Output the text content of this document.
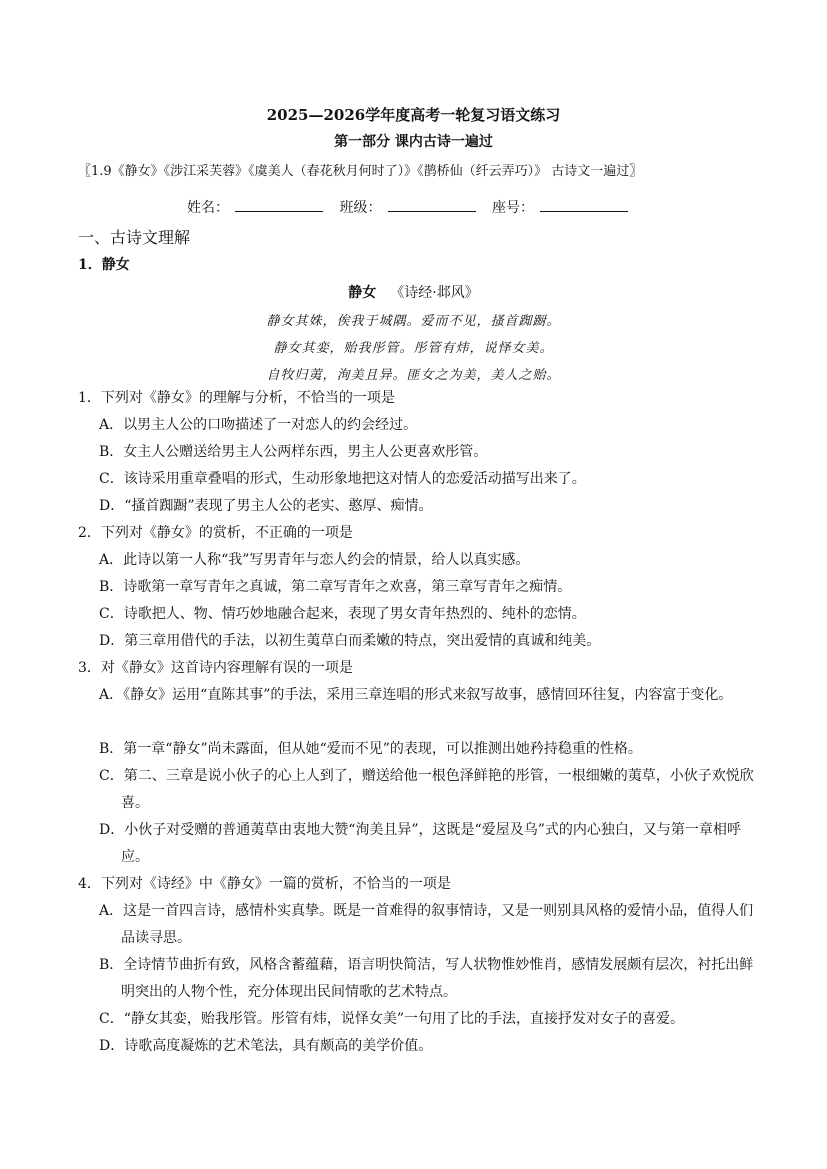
2025—2026学年度高考一轮复习语文练习
第一部分 课内古诗一遍过
〖1.9《静女》《涉江采芙蓉》《虞美人（春花秋月何时了）》《鹊桥仙（纤云弄巧）》 古诗文一遍过〗
姓名：	班级：	座号：
一、古诗文理解
1．静女
静女 《诗经·邶风》
静女其姝，俟我于城隅。爱而不见，搔首踟蹰。
静女其娈，贻我彤管。彤管有炜，说怿女美。
自牧归荑，洵美且异。匪女之为美，美人之贻。
1．下列对《静女》的理解与分析，不恰当的一项是
A．以男主人公的口吻描述了一对恋人的约会经过。
B．女主人公赠送给男主人公两样东西，男主人公更喜欢彤管。
C．该诗采用重章叠唱的形式，生动形象地把这对情人的恋爱活动描写出来了。
D．“搔首踟蹰”表现了男主人公的老实、憨厚、痴情。
2．下列对《静女》的赏析，不正确的一项是
A．此诗以第一人称“我”写男青年与恋人约会的情景，给人以真实感。
B．诗歌第一章写青年之真诚，第二章写青年之欢喜，第三章写青年之痴情。
C．诗歌把人、物、情巧妙地融合起来，表现了男女青年热烈的、纯朴的恋情。
D．第三章用借代的手法，以初生荑草白而柔嫩的特点，突出爱情的真诚和纯美。
3．对《静女》这首诗内容理解有误的一项是
A．《静女》运用“直陈其事”的手法，采用三章连唱的形式来叙写故事，感情回环往复，内容富于变化。
B．第一章“静女”尚未露面，但从她“爱而不见”的表现，可以推测出她矜持稳重的性格。
C．第二、三章是说小伙子的心上人到了，赠送给他一根色泽鲜艳的彤管，一根细嫩的荑草，小伙子欢悦欣喜。
D．小伙子对受赠的普通荑草由衷地大赞“洵美且异”，这既是“爱屋及乌”式的内心独白，又与第一章相呼应。
4．下列对《诗经》中《静女》一篇的赏析，不恰当的一项是
A．这是一首四言诗，感情朴实真挚。既是一首难得的叙事情诗，又是一则别具风格的爱情小品，值得人们品读寻思。
B．全诗情节曲折有致，风格含蓄蕴藉，语言明快简洁，写人状物惟妙惟肖，感情发展颇有层次，衬托出鲜明突出的人物个性，充分体现出民间情歌的艺术特点。
C．“静女其娈，贻我彤管。彤管有炜，说怿女美”一句用了比的手法，直接抒发对女子的喜爱。
D．诗歌高度凝炼的艺术笔法，具有颇高的美学价值。
